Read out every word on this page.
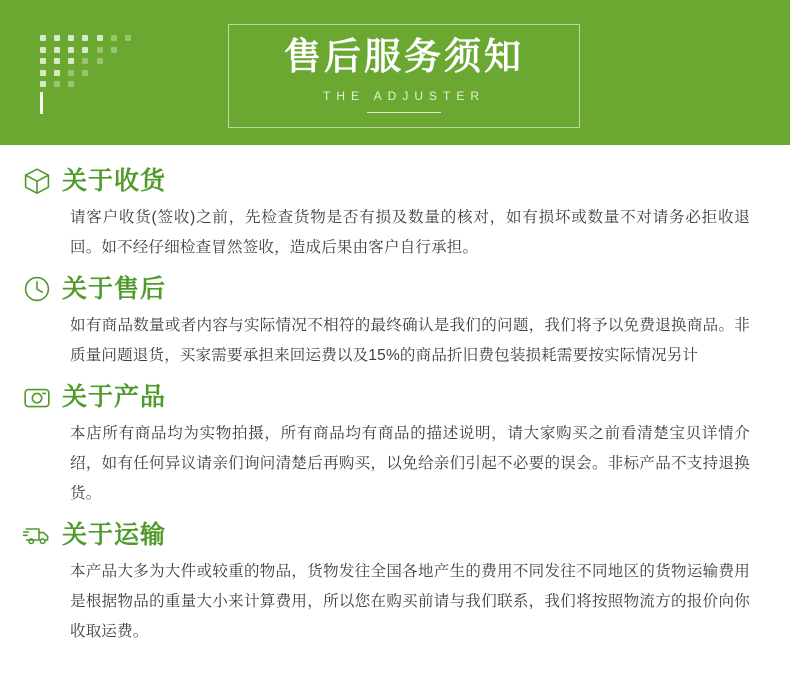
售后服务须知
THE ADJUSTER
关于收货
请客户收货(签收)之前，先检查货物是否有损及数量的核对，如有损坏或数量不对请务必拒收退回。如不经仔细检查冒然签收，造成后果由客户自行承担。
关于售后
如有商品数量或者内容与实际情况不相符的最终确认是我们的问题，我们将予以免费退换商品。非质量问题退货，买家需要承担来回运费以及15%的商品折旧费包装损耗需要按实际情况另计
关于产品
本店所有商品均为实物拍摄，所有商品均有商品的描述说明，请大家购买之前看清楚宝贝详情介绍，如有任何异议请亲们询问清楚后再购买，以免给亲们引起不必要的误会。非标产品不支持退换货。
关于运输
本产品大多为大件或较重的物品，货物发往全国各地产生的费用不同发往不同地区的货物运输费用是根据物品的重量大小来计算费用，所以您在购买前请与我们联系，我们将按照物流方的报价向你收取运费。
